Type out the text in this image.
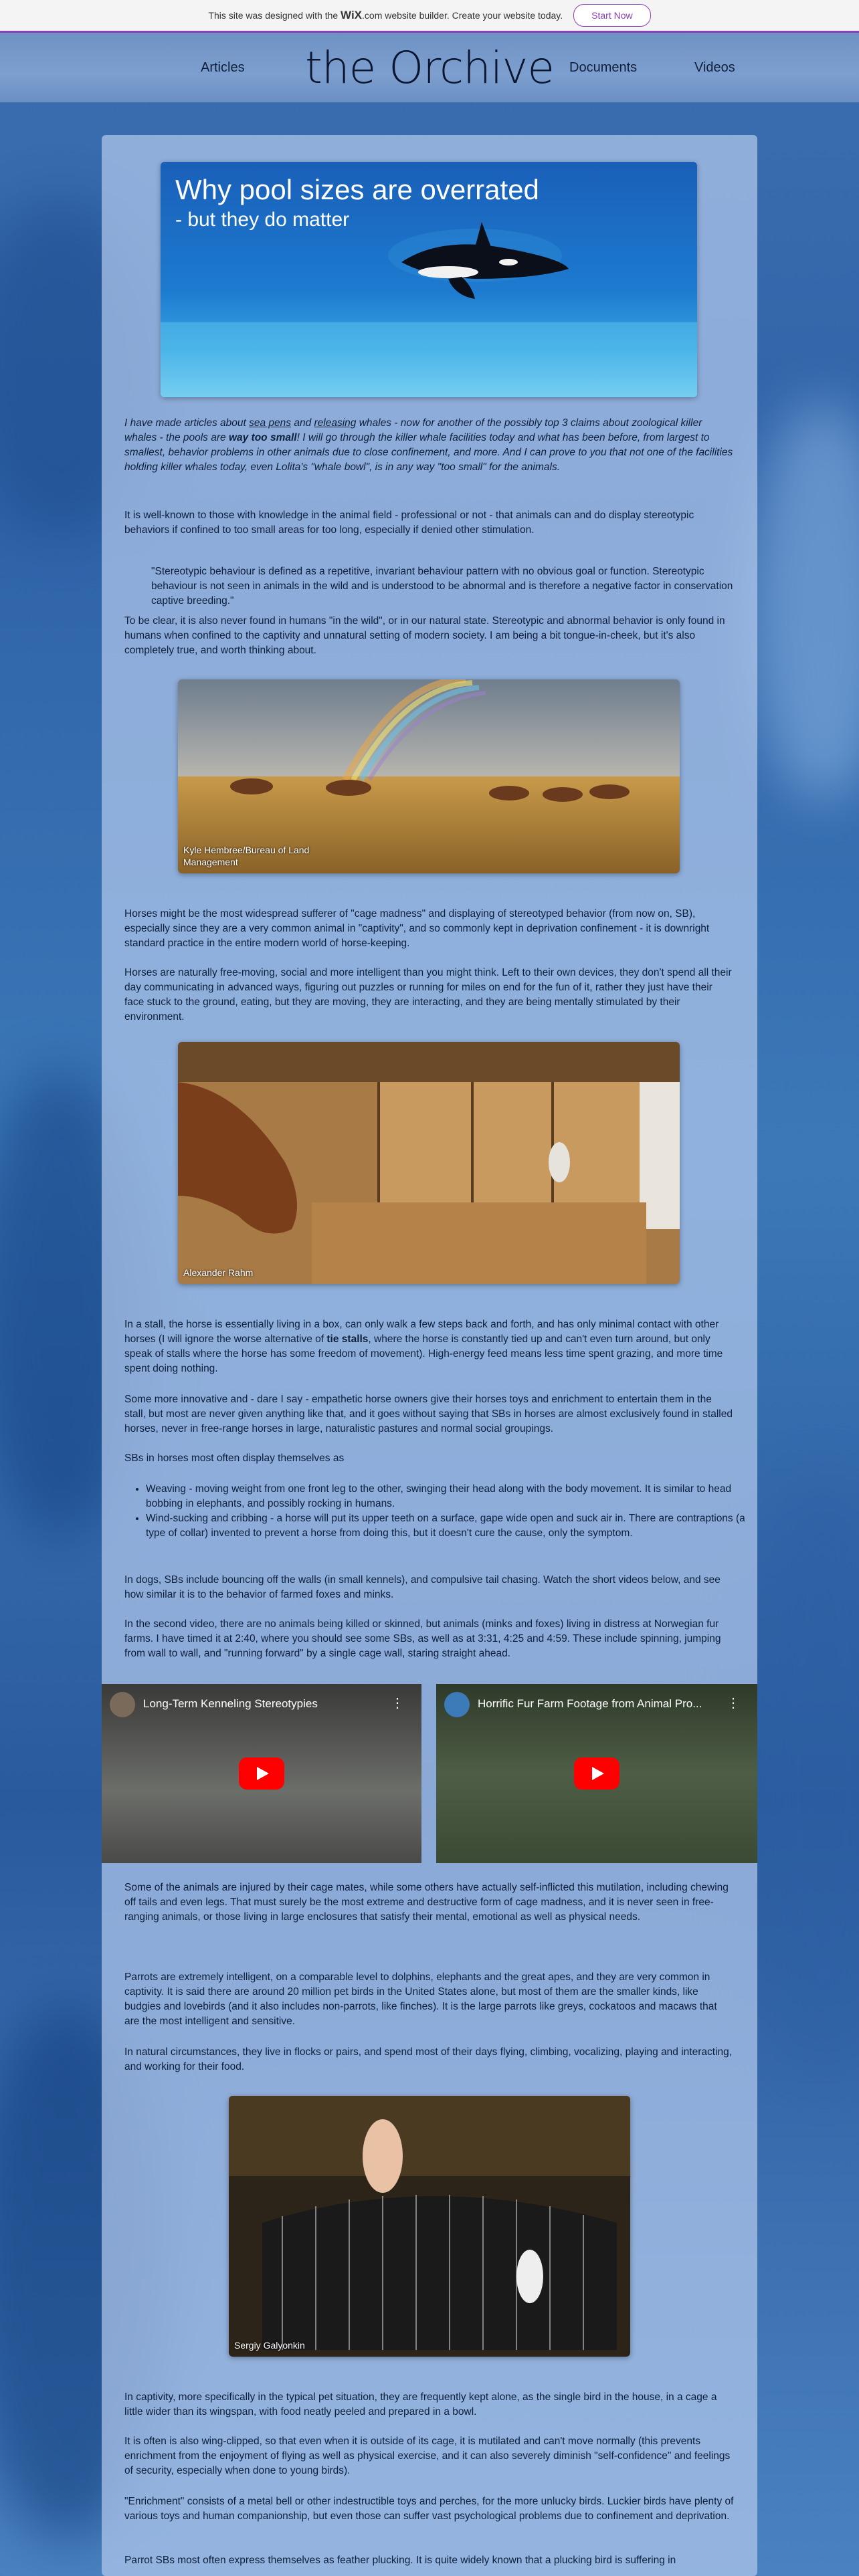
This site was designed with the WiX.com website builder. Create your website today.	Start Now
Articles	the Orchive	Documents	Videos
Why pool sizes are overrated
- but they do matter
I have made articles about sea pens and releasing whales - now for another of the possibly top 3 claims about zoological killer whales - the pools are way too small! I will go through the killer whale facilities today and what has been before, from largest to smallest, behavior problems in other animals due to close confinement, and more. And I can prove to you that not one of the facilities holding killer whales today, even Lolita's "whale bowl", is in any way "too small" for the animals.

It is well-known to those with knowledge in the animal field - professional or not - that animals can and do display stereotypic behaviors if confined to too small areas for too long, especially if denied other stimulation.

"Stereotypic behaviour is defined as a repetitive, invariant behaviour pattern with no obvious goal or function. Stereotypic behaviour is not seen in animals in the wild and is understood to be abnormal and is therefore a negative factor in conservation captive breeding."

To be clear, it is also never found in humans "in the wild", or in our natural state. Stereotypic and abnormal behavior is only found in humans when confined to the captivity and unnatural setting of modern society. I am being a bit tongue-in-cheek, but it's also completely true, and worth thinking about.

Kyle Hembree/Bureau of Land Management

Horses might be the most widespread sufferer of "cage madness" and displaying of stereotyped behavior (from now on, SB), especially since they are a very common animal in "captivity", and so commonly kept in deprivation confinement - it is downright standard practice in the entire modern world of horse-keeping.

Horses are naturally free-moving, social and more intelligent than you might think. Left to their own devices, they don't spend all their day communicating in advanced ways, figuring out puzzles or running for miles on end for the fun of it, rather they just have their face stuck to the ground, eating, but they are moving, they are interacting, and they are being mentally stimulated by their environment.

Alexander Rahm
In a stall, the horse is essentially living in a box, can only walk a few steps back and forth, and has only minimal contact with other horses (I will ignore the worse alternative of tie stalls, where the horse is constantly tied up and can't even turn around, but only speak of stalls where the horse has some freedom of movement). High-energy feed means less time spent grazing, and more time spent doing nothing.

Some more innovative and - dare I say - empathetic horse owners give their horses toys and enrichment to entertain them in the stall, but most are never given anything like that, and it goes without saying that SBs in horses are almost exclusively found in stalled horses, never in free-range horses in large, naturalistic pastures and normal social groupings.

SBs in horses most often display themselves as

• Weaving - moving weight from one front leg to the other, swinging their head along with the body movement. It is similar to head bobbing in elephants, and possibly rocking in humans.
• Wind-sucking and cribbing - a horse will put its upper teeth on a surface, gape wide open and suck air in. There are contraptions (a type of collar) invented to prevent a horse from doing this, but it doesn't cure the cause, only the symptom.

In dogs, SBs include bouncing off the walls (in small kennels), and compulsive tail chasing. Watch the short videos below, and see how similar it is to the behavior of farmed foxes and minks.

In the second video, there are no animals being killed or skinned, but animals (minks and foxes) living in distress at Norwegian fur farms. I have timed it at 2:40, where you should see some SBs, as well as at 3:31, 4:25 and 4:59. These include spinning, jumping from wall to wall, and "running forward" by a single cage wall, staring straight ahead.

Long-Term Kenneling Stereotypies	⋮	Horrific Fur Farm Footage from Animal Pro... ⋮

Some of the animals are injured by their cage mates, while some others have actually self-inflicted this mutilation, including chewing off tails and even legs. That must surely be the most extreme and destructive form of cage madness, and it is never seen in free-ranging animals, or those living in large enclosures that satisfy their mental, emotional as well as physical needs.

Parrots are extremely intelligent, on a comparable level to dolphins, elephants and the great apes, and they are very common in captivity. It is said there are around 20 million pet birds in the United States alone, but most of them are the smaller kinds, like budgies and lovebirds (and it also includes non-parrots, like finches). It is the large parrots like greys, cockatoos and macaws that are the most intelligent and sensitive.

In natural circumstances, they live in flocks or pairs, and spend most of their days flying, climbing, vocalizing, playing and interacting, and working for their food.

Sergiy Galyonkin

In captivity, more specifically in the typical pet situation, they are frequently kept alone, as the single bird in the house, in a cage a little wider than its wingspan, with food neatly peeled and prepared in a bowl.

It is often is also wing-clipped, so that even when it is outside of its cage, it is mutilated and can't move normally (this prevents enrichment from the enjoyment of flying as well as physical exercise, and it can also severely diminish "self-confidence" and feelings of security, especially when done to young birds).

"Enrichment" consists of a metal bell or other indestructible toys and perches, for the more unlucky birds. Luckier birds have plenty of various toys and human companionship, but even those can suffer vast psychological problems due to confinement and deprivation.

Parrot SBs most often express themselves as feather plucking. It is quite widely known that a plucking bird is suffering in
